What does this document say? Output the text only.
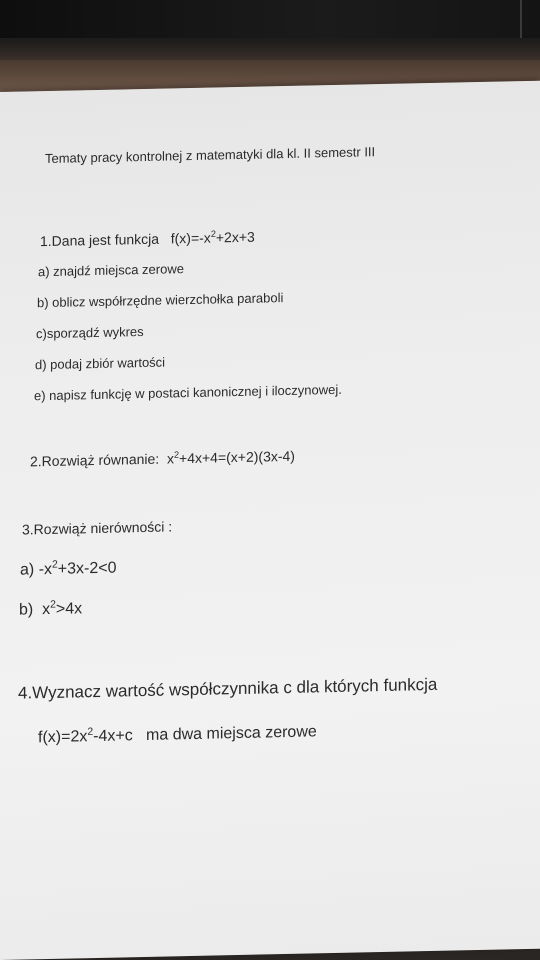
Tematy pracy kontrolnej z matematyki dla kl. II semestr III
1.Dana jest funkcja $f(x)=-x^2+2x+3$
a) znajdź miejsca zerowe
b) oblicz współrzędne wierzchołka paraboli
c)sporządź wykres
d) podaj zbiór wartości
e) napisz funkcję w postaci kanonicznej i iloczynowej.
2.Rozwiąż równanie: $x^2+4x+4=(x+2)(3x-4)$
3.Rozwiąż nierówności :
a) $-x^2+3x-2<0$
b) $x^2>4x$
4.Wyznacz wartość współczynnika c dla których funkcja
$f(x)=2x^2-4x+c$ ma dwa miejsca zerowe
